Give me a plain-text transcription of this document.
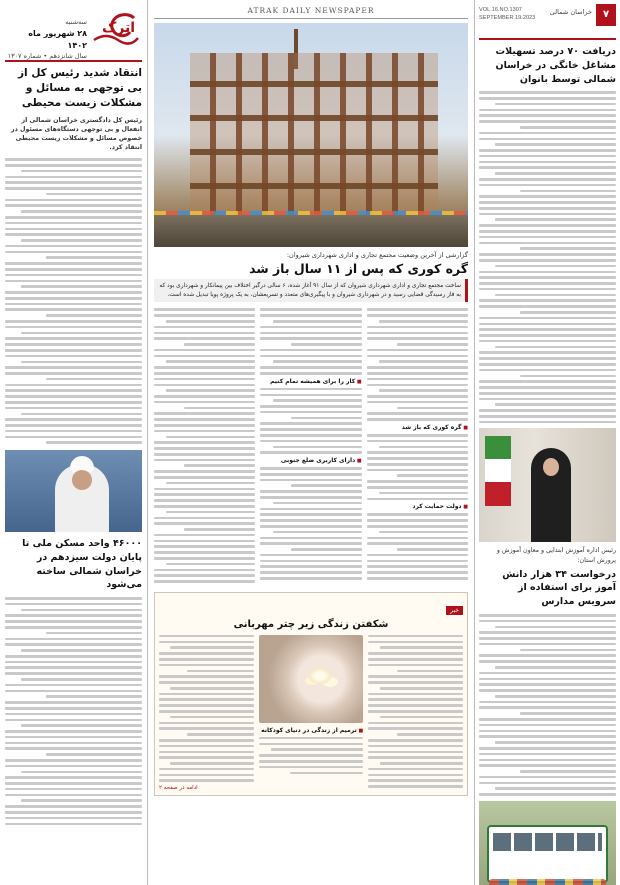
اترک
سه‌شنبه
۲۸ شهریور ماه ۱۴۰۲
سال شانزدهم • شماره ۱۳۰۷
انتقاد شدید رئیس کل از بی توجهی به مسائل و مشکلات زیست محیطی
رئیس کل دادگستری خراسان شمالی از انفعال و بی توجهی دستگاه‌های مسئول در خصوص مسائل و مشکلات زیست محیطی انتقاد کرد.
۴۶۰۰۰ واحد مسکن ملی تا پایان دولت سیزدهم در خراسان شمالی ساخته می‌شود
ATRAK DAILY NEWSPAPER
گزارشی از آخرین وضعیت مجتمع تجاری و اداری شهرداری شیروان:
گره کوری که پس از ۱۱ سال باز شد
ساخت مجتمع تجاری و اداری شهرداری شیروان که از سال ۹۱ آغاز شده، ۶ سالی درگیر اختلاف بین پیمانکار و شهرداری بود که به فاز رسیدگی قضایی رسید و در شهرداری شیروان و با پیگیری‌های متعدد و تسریعشان، به یک پروژه پویا تبدیل شده است.
■ کار را برای همیشه تمام کنیم
■ دارای کاربری ضلع جنوبی
■ گره کوری که باز شد
■ دولت حمایت کرد
خبر
شکفتن زندگی زیر چتر مهربانی
ادامه در صفحه ۲
■ ترمیم از زندگی در دنیای کودکانه
۷
خراسان شمالی
VOL.16.NO.1307
SEPTEMBER 19.2023
دریافت ۷۰ درصد تسهیلات مشاغل خانگی در خراسان شمالی توسط بانوان
رئیس اداره آموزش ابتدایی و معاون آموزش و پرورش استان:
درخواست ۳۴ هزار دانش آموز برای استفاده از سرویس مدارس
